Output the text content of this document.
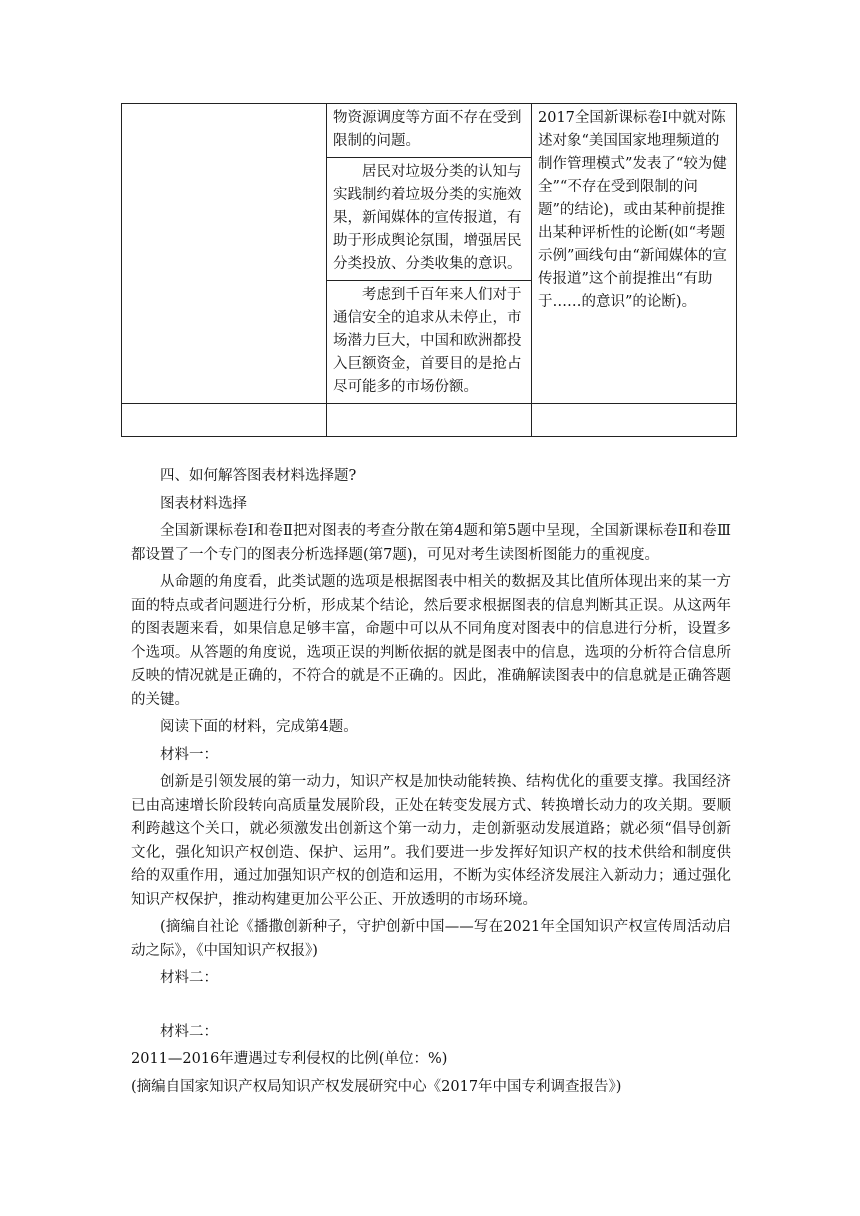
	物资源调度等方面不存在受到限制的问题。	2017全国新课标卷Ⅰ中就对陈述对象“美国国家地理频道的制作管理模式”发表了“较为健全”“不存在受到限制的问题”的结论)，或由某种前提推出某种评析性的论断(如“考题示例”画线句由“新闻媒体的宣传报道”这个前提推出“有助于……的意识”的论断)。

	居民对垃圾分类的认知与实践制约着垃圾分类的实施效果，新闻媒体的宣传报道，有助于形成舆论氛围，增强居民分类投放、分类收集的意识。	

	考虑到千百年来人们对于通信安全的追求从未停止，市场潜力巨大，中国和欧洲都投入巨额资金，首要目的是抢占尽可能多的市场份额。	

四、如何解答图表材料选择题?

图表材料选择

全国新课标卷Ⅰ和卷Ⅱ把对图表的考查分散在第4题和第5题中呈现，全国新课标卷Ⅱ和卷Ⅲ都设置了一个专门的图表分析选择题(第7题)，可见对考生读图析图能力的重视度。

从命题的角度看，此类试题的选项是根据图表中相关的数据及其比值所体现出来的某一方面的特点或者问题进行分析，形成某个结论，然后要求根据图表的信息判断其正误。从这两年的图表题来看，如果信息足够丰富，命题中可以从不同角度对图表中的信息进行分析，设置多个选项。从答题的角度说，选项正误的判断依据的就是图表中的信息，选项的分析符合信息所反映的情况就是正确的，不符合的就是不正确的。因此，准确解读图表中的信息就是正确答题的关键。

阅读下面的材料，完成第4题。

材料一：

创新是引领发展的第一动力，知识产权是加快动能转换、结构优化的重要支撑。我国经济已由高速增长阶段转向高质量发展阶段，正处在转变发展方式、转换增长动力的攻关期。要顺利跨越这个关口，就必须激发出创新这个第一动力，走创新驱动发展道路；就必须“倡导创新文化，强化知识产权创造、保护、运用”。我们要进一步发挥好知识产权的技术供给和制度供给的双重作用，通过加强知识产权的创造和运用，不断为实体经济发展注入新动力；通过强化知识产权保护，推动构建更加公平公正、开放透明的市场环境。

(摘编自社论《播撒创新种子，守护创新中国——写在2021年全国知识产权宣传周活动启动之际》，《中国知识产权报》)

材料二：

材料二：

2011—2016年遭遇过专利侵权的比例(单位：%)

(摘编自国家知识产权局知识产权发展研究中心《2017年中国专利调查报告》)
